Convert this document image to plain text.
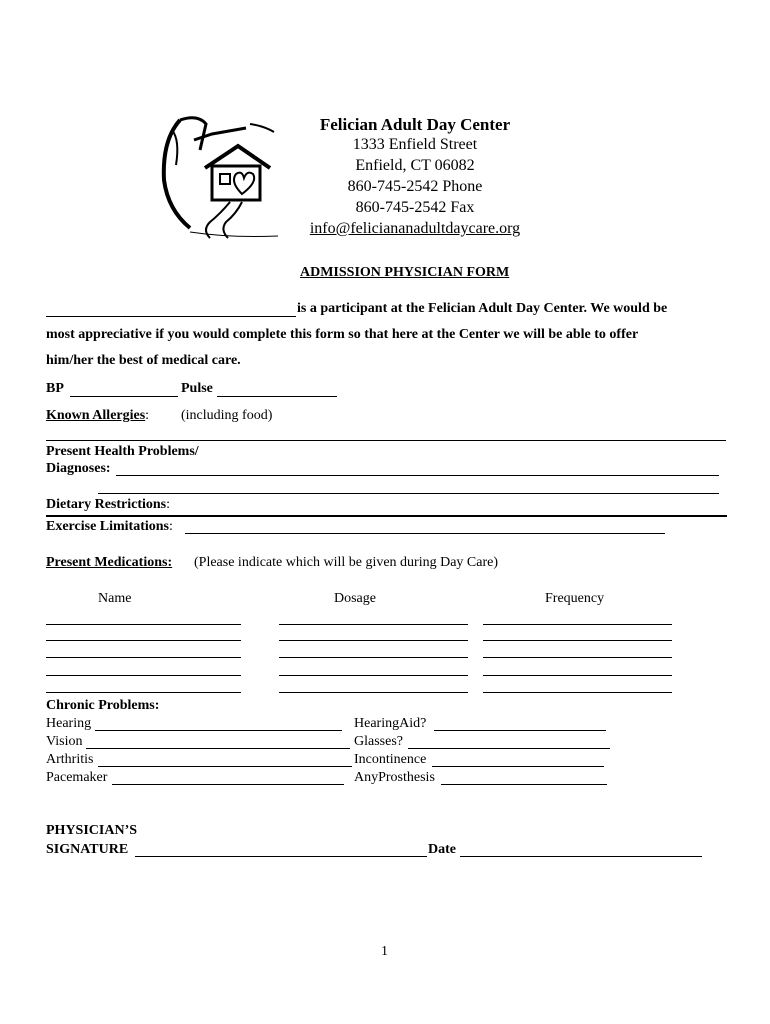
Felician Adult Day Center
1333 Enfield Street
Enfield, CT 06082
860-745-2542 Phone
860-745-2542 Fax
info@feliciananadultdaycare.org
ADMISSION PHYSICIAN FORM
is a participant at the Felician Adult Day Center. We would be
most appreciative if you would complete this form so that here at the Center we will be able to offer
him/her the best of medical care.
BP	Pulse
Known Allergies: (including food)
Present Health Problems/
Diagnoses:
Dietary Restrictions:
Exercise Limitations:
Present Medications: (Please indicate which will be given during Day Care)
Name	Dosage	Frequency
Chronic Problems:
Hearing	HearingAid?
Vision	Glasses?
Arthritis	Incontinence
Pacemaker	AnyProsthesis
PHYSICIAN’S
SIGNATURE	Date
1
